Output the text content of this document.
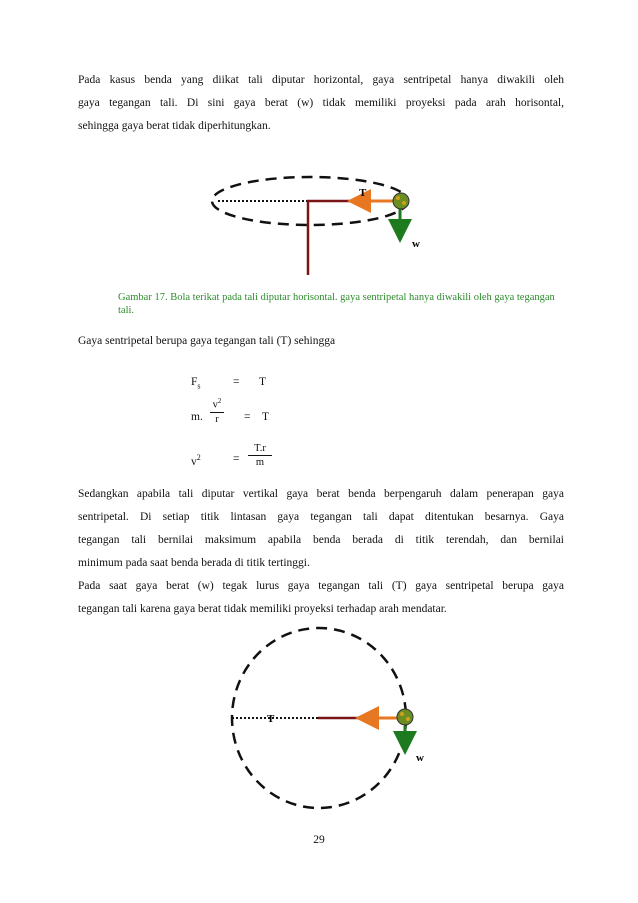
Pada kasus benda yang diikat tali diputar horizontal, gaya sentripetal hanya diwakili oleh
gaya tegangan tali. Di sini gaya berat (w) tidak memiliki proyeksi pada arah horisontal,
sehingga gaya berat tidak diperhitungkan.
T
w
T
w
Gambar 17. Bola terikat pada tali diputar horisontal. gaya sentripetal hanya diwakili oleh gaya tegangan tali.
Gaya sentripetal berupa gaya tegangan tali (T) sehingga
$F_s$	= T
m.
$v^2$
r	= T
$v^2$	=
T.r
m
Sedangkan apabila tali diputar vertikal gaya berat benda berpengaruh dalam penerapan gaya
sentripetal. Di setiap titik lintasan gaya tegangan tali dapat ditentukan besarnya. Gaya
tegangan tali bernilai maksimum apabila benda berada di titik terendah, dan bernilai
minimum pada saat benda berada di titik tertinggi.
Pada saat gaya berat (w) tegak lurus gaya tegangan tali (T) gaya sentripetal berupa gaya
tegangan tali karena gaya berat tidak memiliki proyeksi terhadap arah mendatar.
29
